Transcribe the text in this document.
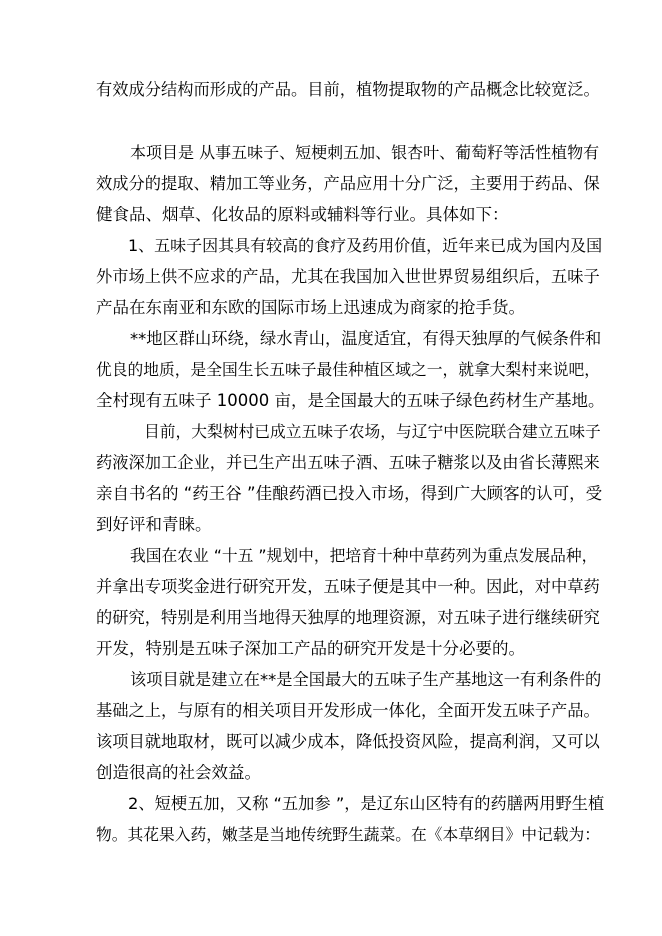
有效成分结构而形成的产品。目前，植物提取物的产品概念比较宽泛。

本项目是 从事五味子、短梗刺五加、银杏叶、葡萄籽等活性植物有

效成分的提取、精加工等业务，产品应用十分广泛，主要用于药品、保

健食品、烟草、化妆品的原料或辅料等行业。具体如下：

1、五味子因其具有较高的食疗及药用价值，近年来已成为国内及国

外市场上供不应求的产品，尤其在我国加入世世界贸易组织后，五味子

产品在东南亚和东欧的国际市场上迅速成为商家的抢手货。

**地区群山环绕，绿水青山，温度适宜，有得天独厚的气候条件和

优良的地质，是全国生长五味子最佳种植区域之一，就拿大梨村来说吧，

全村现有五味子 10000 亩，是全国最大的五味子绿色药材生产基地。

目前，大梨树村已成立五味子农场，与辽宁中医院联合建立五味子

药液深加工企业，并已生产出五味子酒、五味子糖浆以及由省长薄熙来

亲自书名的 “药王谷 ”佳酿药酒已投入市场，得到广大顾客的认可，受

到好评和青睐。

我国在农业 “十五 ”规划中，把培育十种中草药列为重点发展品种，

并拿出专项奖金进行研究开发，五味子便是其中一种。因此，对中草药

的研究，特别是利用当地得天独厚的地理资源，对五味子进行继续研究

开发，特别是五味子深加工产品的研究开发是十分必要的。

该项目就是建立在**是全国最大的五味子生产基地这一有利条件的

基础之上，与原有的相关项目开发形成一体化，全面开发五味子产品。

该项目就地取材，既可以减少成本，降低投资风险，提高利润，又可以

创造很高的社会效益。

2、短梗五加，又称 “五加参 ”，是辽东山区特有的药膳两用野生植

物。其花果入药，嫩茎是当地传统野生蔬菜。在《本草纲目》中记载为：
